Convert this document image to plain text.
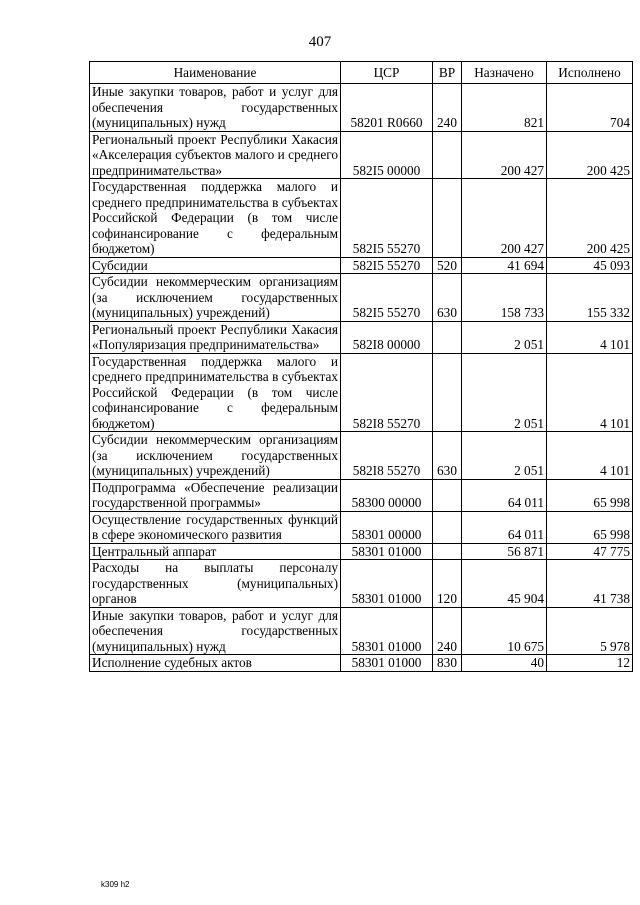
407
Наименование	ЦСР	ВР	Назначено	Исполнено
Иные закупки товаров, работ и услуг для обеспечения государственных (муниципальных) нужд	58201 R0660	240	821	704
Региональный проект Республики Хакасия «Акселерация субъектов малого и среднего предпринимательства»	582I5 00000		200 427	200 425
Государственная поддержка малого и среднего предпринимательства в субъектах Российской Федерации (в том числе софинансирование с федеральным бюджетом)	582I5 55270		200 427	200 425
Субсидии	582I5 55270	520	41 694	45 093
Субсидии некоммерческим организациям (за исключением государственных (муниципальных) учреждений)	582I5 55270	630	158 733	155 332
Региональный проект Республики Хакасия «Популяризация предпринимательства»	582I8 00000		2 051	4 101
Государственная поддержка малого и среднего предпринимательства в субъектах Российской Федерации (в том числе софинансирование с федеральным бюджетом)	582I8 55270		2 051	4 101
Субсидии некоммерческим организациям (за исключением государственных (муниципальных) учреждений)	582I8 55270	630	2 051	4 101
Подпрограмма «Обеспечение реализации государственной программы»	58300 00000		64 011	65 998
Осуществление государственных функций в сфере экономического развития	58301 00000		64 011	65 998
Центральный аппарат	58301 01000		56 871	47 775
Расходы на выплаты персоналу государственных (муниципальных) органов	58301 01000	120	45 904	41 738
Иные закупки товаров, работ и услуг для обеспечения государственных (муниципальных) нужд	58301 01000	240	10 675	5 978
Исполнение судебных актов	58301 01000	830	40	12
k309 h2
